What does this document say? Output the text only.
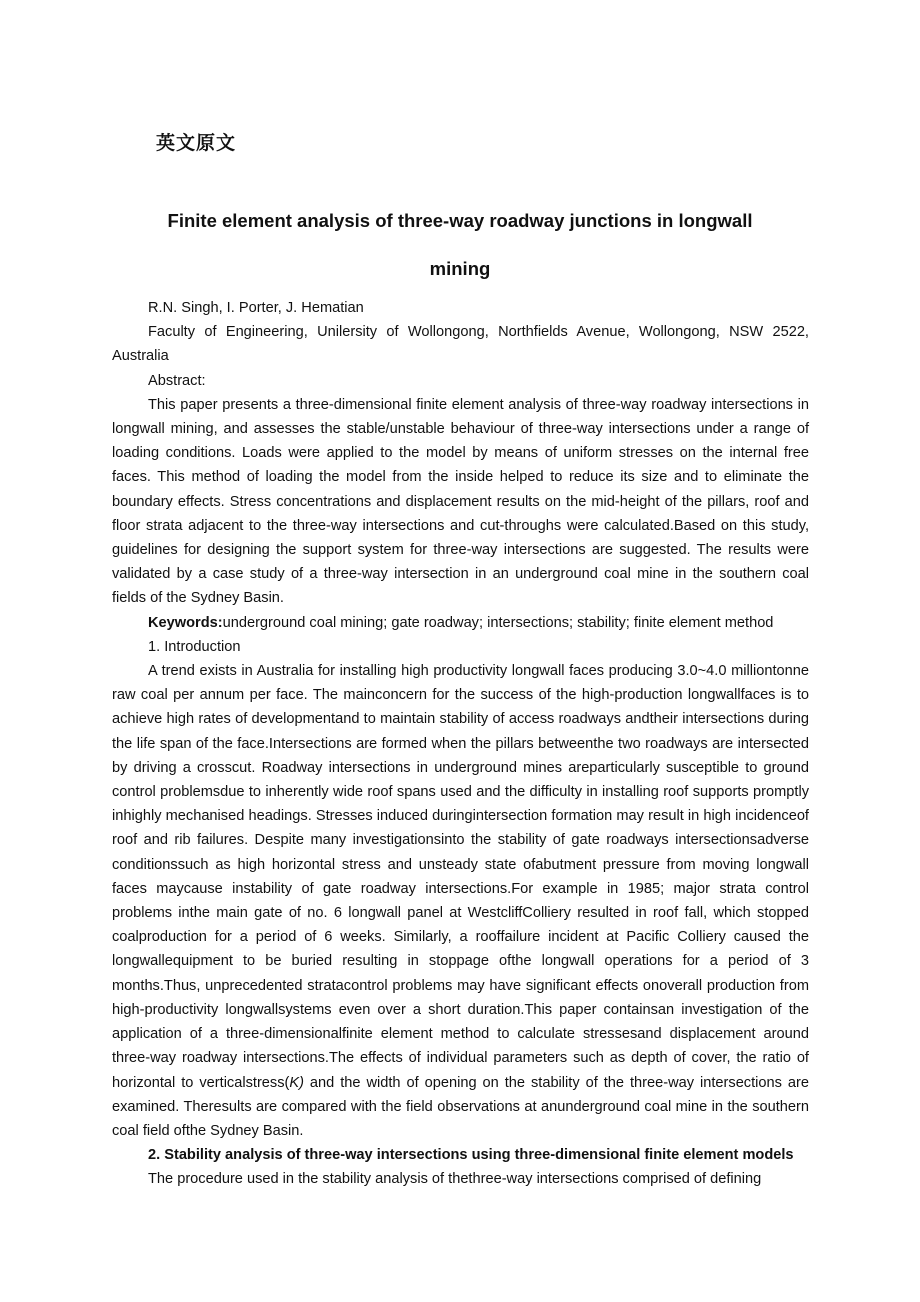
英文原文
Finite element analysis of three-way roadway junctions in longwall
mining

R.N. Singh, I. Porter, J. Hematian

Faculty of Engineering, Unilersity of Wollongong, Northfields Avenue, Wollongong, NSW 2522, Australia

Abstract:

This paper presents a three-dimensional finite element analysis of three-way roadway intersections in longwall mining, and assesses the stable/unstable behaviour of three-way intersections under a range of loading conditions. Loads were applied to the model by means of uniform stresses on the internal free faces. This method of loading the model from the inside helped to reduce its size and to eliminate the boundary effects. Stress concentrations and displacement results on the mid-height of the pillars, roof and floor strata adjacent to the three-way intersections and cut-throughs were calculated.Based on this study, guidelines for designing the support system for three-way intersections are suggested. The results were validated by a case study of a three-way intersection in an underground coal mine in the southern coal fields of the Sydney Basin.

Keywords:underground coal mining; gate roadway; intersections; stability; finite element method

1. Introduction

A trend exists in Australia for installing high productivity longwall faces producing 3.0~4.0 milliontonne raw coal per annum per face. The mainconcern for the success of the high-production longwallfaces is to achieve high rates of developmentand to maintain stability of access roadways andtheir intersections during the life span of the face.Intersections are formed when the pillars betweenthe two roadways are intersected by driving a crosscut. Roadway intersections in underground mines areparticularly susceptible to ground control problemsdue to inherently wide roof spans used and the difficulty in installing roof supports promptly inhighly mechanised headings. Stresses induced duringintersection formation may result in high incidenceof roof and rib failures. Despite many investigationsinto the stability of gate roadways intersectionsadverse conditionssuch as high horizontal stress and unsteady state ofabutment pressure from moving longwall faces maycause instability of gate roadway intersections.For example in 1985; major strata control problems inthe main gate of no. 6 longwall panel at WestcliffColliery resulted in roof fall, which stopped coalproduction for a period of 6 weeks. Similarly, a rooffailure incident at Pacific Colliery caused the longwallequipment to be buried resulting in stoppage ofthe longwall operations for a period of 3 months.Thus, unprecedented stratacontrol problems may have significant effects onoverall production from high-productivity longwallsystems even over a short duration.This paper containsan investigation of the application of a three-dimensionalfinite element method to calculate stressesand displacement around three-way roadway intersections.The effects of individual parameters such as depth of cover, the ratio of horizontal to verticalstress(K) and the width of opening on the stability of the three-way intersections are examined. Theresults are compared with the field observations at anunderground coal mine in the southern coal field ofthe Sydney Basin.

2. Stability analysis of three-way intersections using three-dimensional finite element models

The procedure used in the stability analysis of thethree-way intersections comprised of defining
